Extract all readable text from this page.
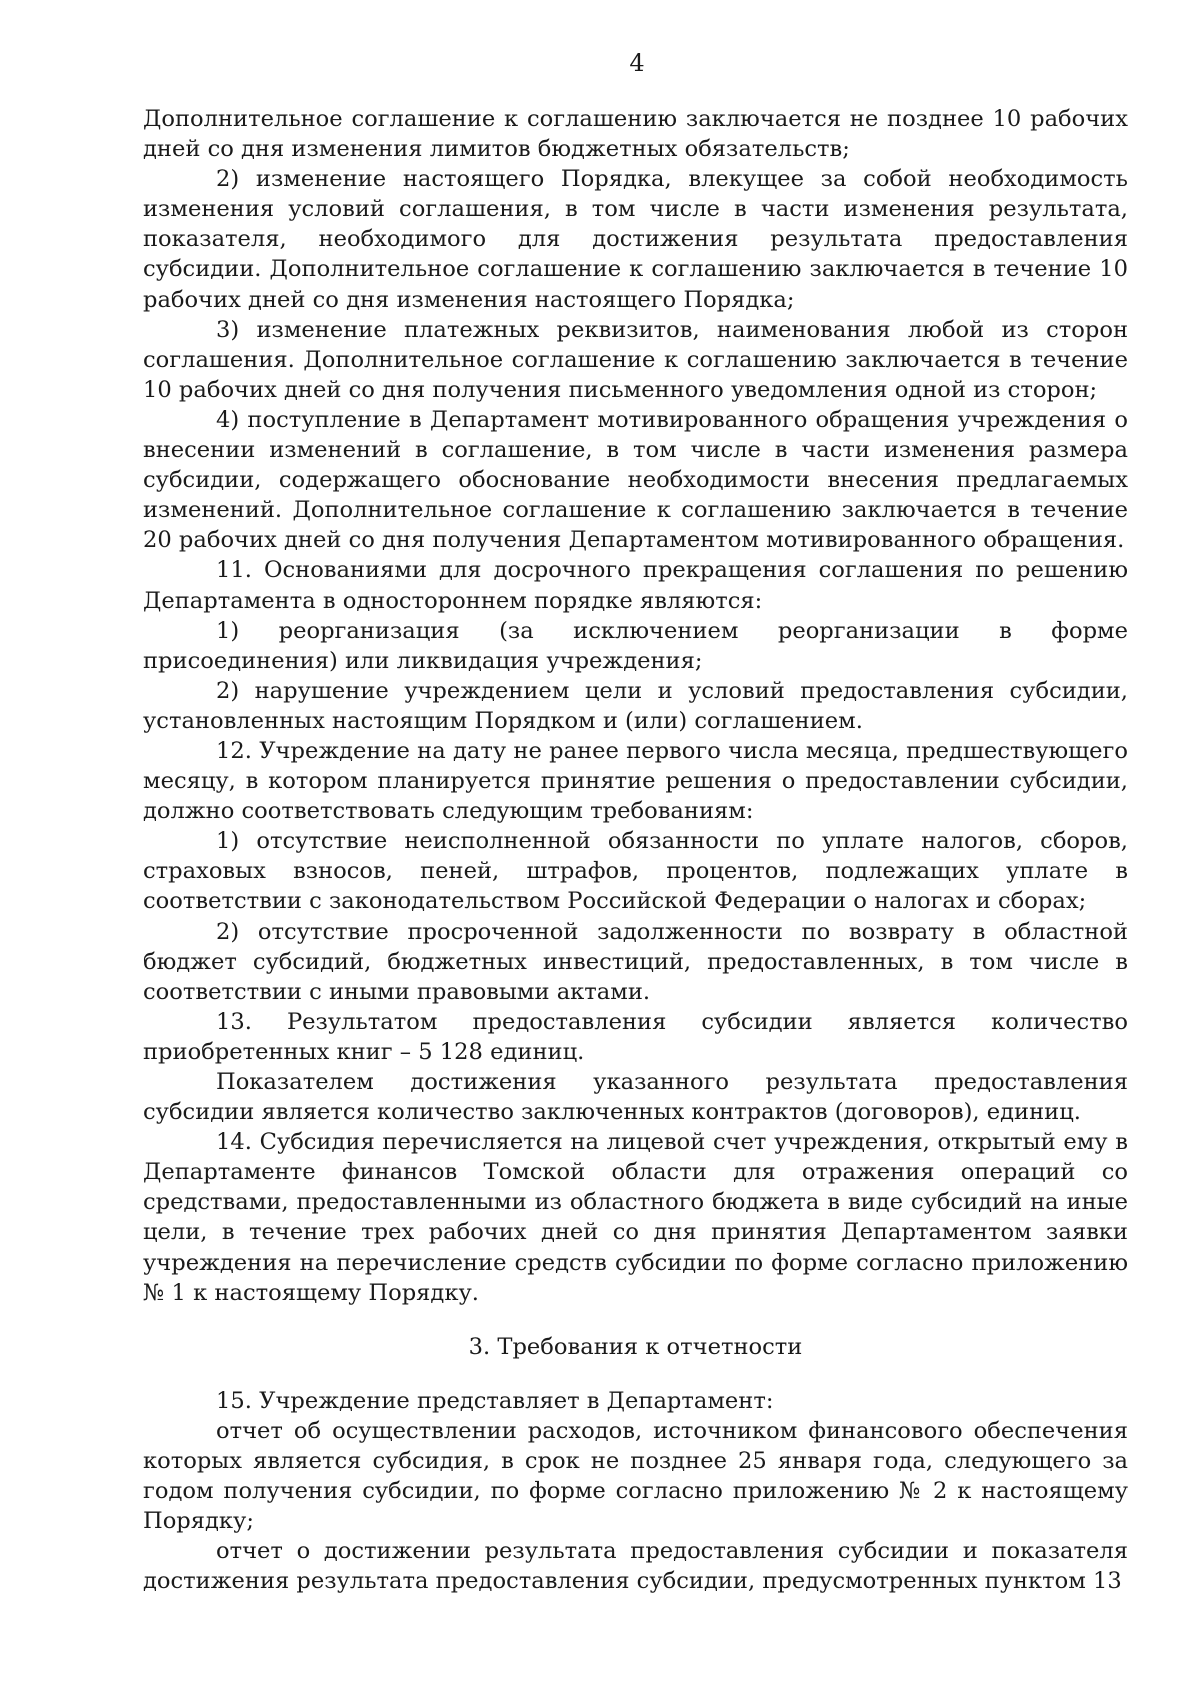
4

Дополнительное соглашение к соглашению заключается не позднее 10 рабочих дней со дня изменения лимитов бюджетных обязательств;

2) изменение настоящего Порядка, влекущее за собой необходимость изменения условий соглашения, в том числе в части изменения результата, показателя, необходимого для достижения результата предоставления субсидии. Дополнительное соглашение к соглашению заключается в течение 10 рабочих дней со дня изменения настоящего Порядка;

3) изменение платежных реквизитов, наименования любой из сторон соглашения. Дополнительное соглашение к соглашению заключается в течение 10 рабочих дней со дня получения письменного уведомления одной из сторон;

4) поступление в Департамент мотивированного обращения учреждения о внесении изменений в соглашение, в том числе в части изменения размера субсидии, содержащего обоснование необходимости внесения предлагаемых изменений. Дополнительное соглашение к соглашению заключается в течение 20 рабочих дней со дня получения Департаментом мотивированного обращения.

11. Основаниями для досрочного прекращения соглашения по решению Департамента в одностороннем порядке являются:

1) реорганизация (за исключением реорганизации в форме присоединения) или ликвидация учреждения;

2) нарушение учреждением цели и условий предоставления субсидии, установленных настоящим Порядком и (или) соглашением.

12. Учреждение на дату не ранее первого числа месяца, предшествующего месяцу, в котором планируется принятие решения о предоставлении субсидии, должно соответствовать следующим требованиям:

1) отсутствие неисполненной обязанности по уплате налогов, сборов, страховых взносов, пеней, штрафов, процентов, подлежащих уплате в соответствии с законодательством Российской Федерации о налогах и сборах;

2) отсутствие просроченной задолженности по возврату в областной бюджет субсидий, бюджетных инвестиций, предоставленных, в том числе в соответствии с иными правовыми актами.

13. Результатом предоставления субсидии является количество приобретенных книг – 5 128 единиц.

Показателем достижения указанного результата предоставления субсидии является количество заключенных контрактов (договоров), единиц.

14. Субсидия перечисляется на лицевой счет учреждения, открытый ему в Департаменте финансов Томской области для отражения операций со средствами, предоставленными из областного бюджета в виде субсидий на иные цели, в течение трех рабочих дней со дня принятия Департаментом заявки учреждения на перечисление средств субсидии по форме согласно приложению № 1 к настоящему Порядку.

3. Требования к отчетности

15. Учреждение представляет в Департамент:

отчет об осуществлении расходов, источником финансового обеспечения которых является субсидия, в срок не позднее 25 января года, следующего за годом получения субсидии, по форме согласно приложению № 2 к настоящему Порядку;

отчет о достижении результата предоставления субсидии и показателя достижения результата предоставления субсидии, предусмотренных пунктом 13
